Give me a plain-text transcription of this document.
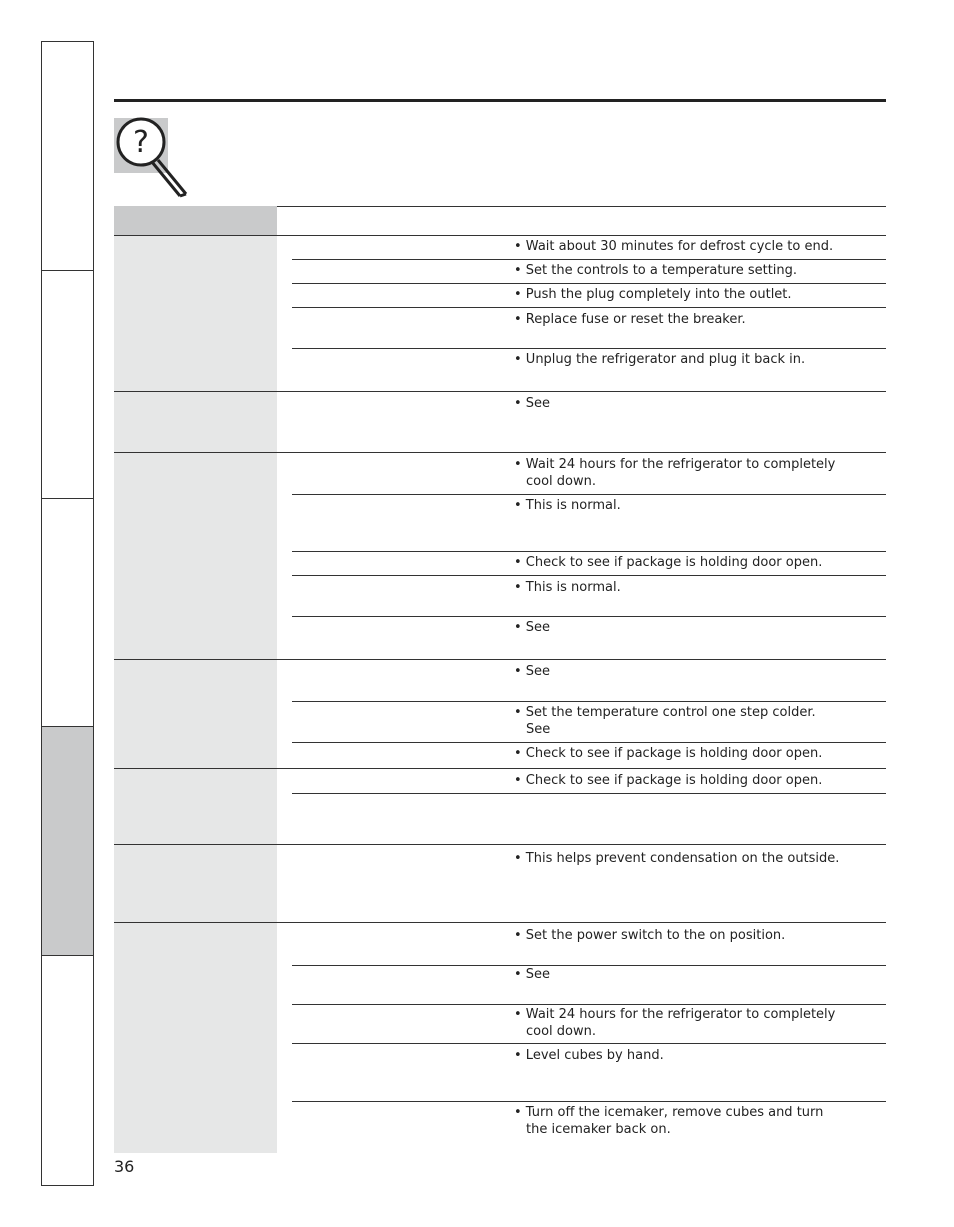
?
• Wait about 30 minutes for defrost cycle to end.
• Set the controls to a temperature setting.
• Push the plug completely into the outlet.
• Replace fuse or reset the breaker.
• Unplug the refrigerator and plug it back in.
• See
• Wait 24 hours for the refrigerator to completely cool down.
• This is normal.
• Check to see if package is holding door open.
• This is normal.
• See
• See
• Set the temperature control one step colder. See
• Check to see if package is holding door open.
• Check to see if package is holding door open.
• This helps prevent condensation on the outside.
• Set the power switch to the on position.
• See
• Wait 24 hours for the refrigerator to completely cool down.
• Level cubes by hand.
• Turn off the icemaker, remove cubes and turn the icemaker back on.
36
